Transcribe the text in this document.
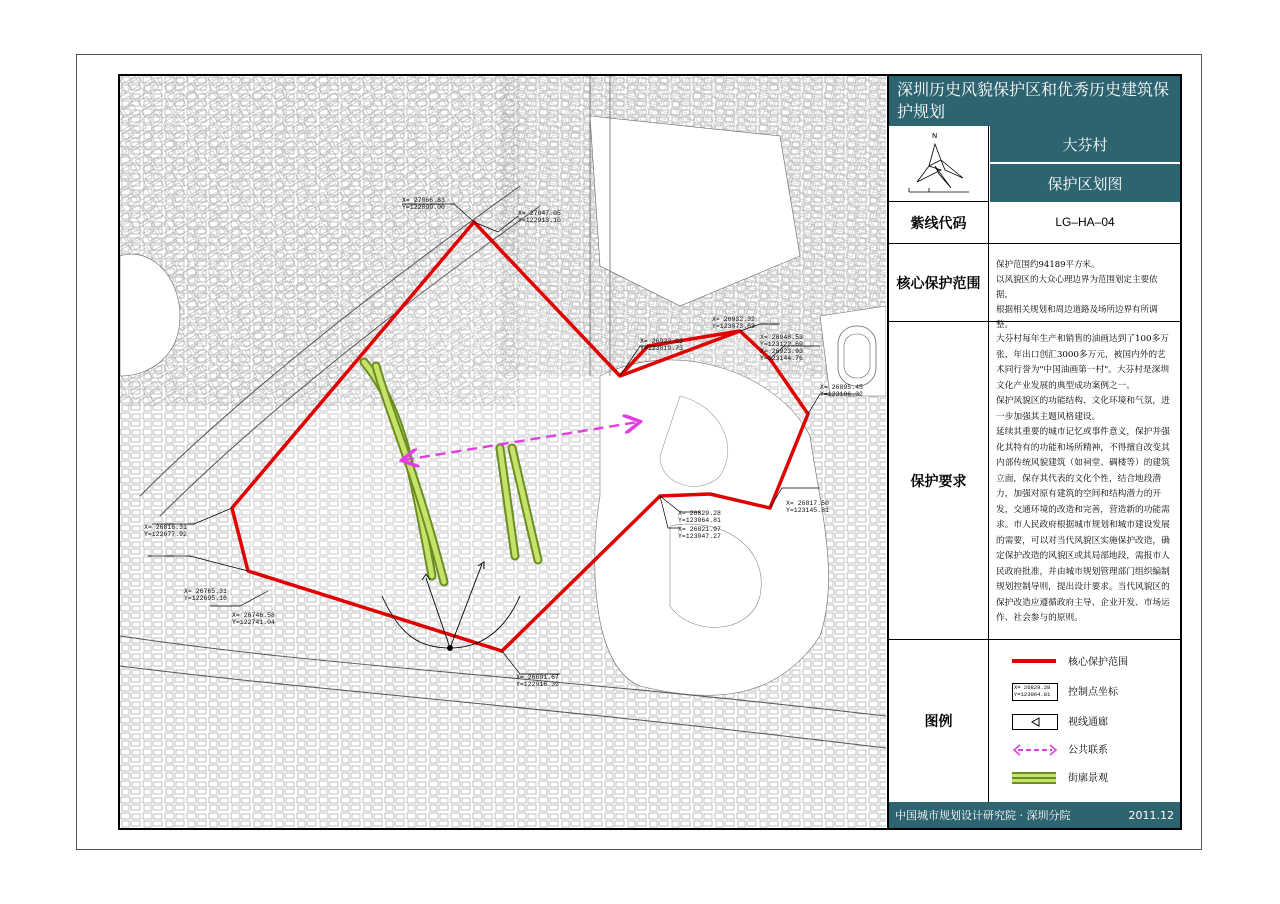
X= 27066.83
Y=122899.00
X= 27047.05
Y=122913.10
X= 26923.93
Y=123019.73
X= 26932.32
Y=123073.63
X= 26948.53
Y=123122.69
X= 26923.93
Y=123144.76
X= 26895.45
Y=123186.32
X= 26829.28
Y=123064.81
X= 26821.97
Y=123047.27
X= 26817.50
Y=123145.81
X= 26816.31
Y=122677.92
X= 26765.31
Y=122695.16
X= 26746.58
Y=122741.04
X= 26691.67
Y=122916.39
深圳历史风貌保护区和优秀历史建筑保护规划
N	大芬村
保护区划图
紫线代码	LG–HA–04
核心保护范围
保护范围约94189平方米。
以风貌区的大众心理边界为范围划定主要依据，
根据相关规划和周边道路及场所边界有所调整。
保护要求
大芬村每年生产和销售的油画达到了100多万张，年出口创汇3000多万元，被国内外的艺术同行誉为"中国油画第一村"。大芬村是深圳文化产业发展的典型成功案例之一。
保护风貌区的功能结构、文化环境和气氛，进一步加强其主题风格建设。
延续其重要的城市记忆或事件意义，保护并强化其特有的功能和场所精神，不得擅自改变其内部传统风貌建筑（如祠堂、碉楼等）的建筑立面，保存其代表的文化个性，结合地段潜力，加强对原有建筑的空间和结构潜力的开发，交通环境的改造和完善，营造新的功能需求。市人民政府根据城市规划和城市建设发展的需要，可以对当代风貌区实施保护改造，确定保护改造的风貌区或其局部地段，需报市人民政府批准，并由城市规划管理部门组织编制规划控制导则，提出设计要求。当代风貌区的保护改造应遵循政府主导、企业开发、市场运作、社会参与的原则。
图例
核心保护范围
X= 26829.28
Y=123064.81 控制点坐标
视线通廊
公共联系
街廓景观
中国城市规划设计研究院 · 深圳分院	2011.12
